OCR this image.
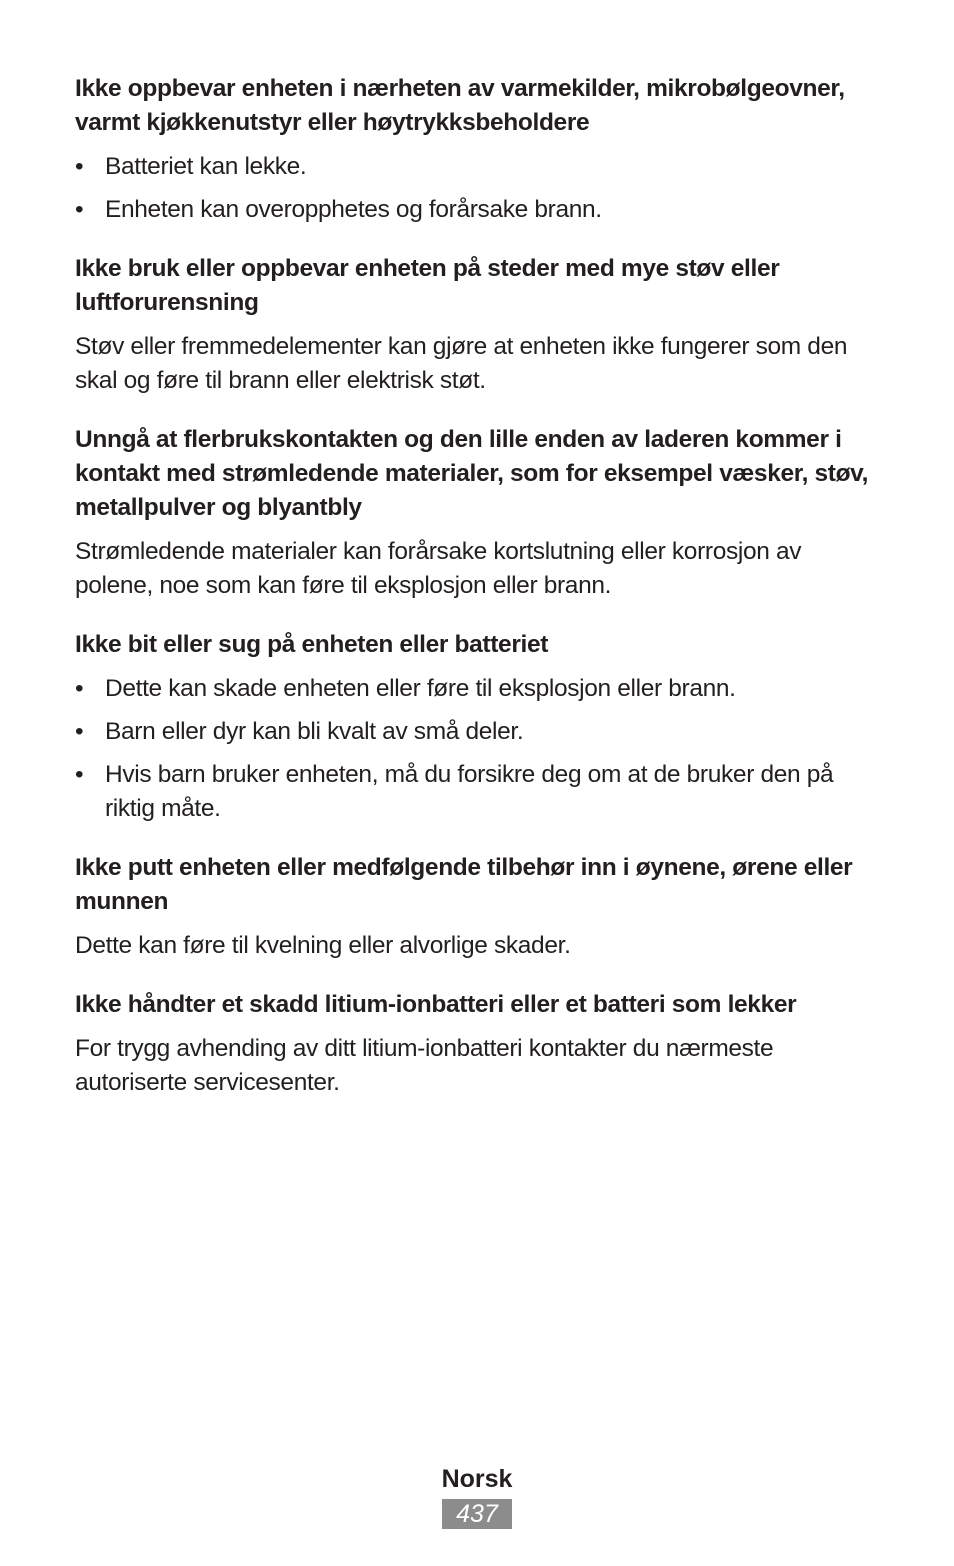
Ikke oppbevar enheten i nærheten av varmekilder, mikrobølgeovner, varmt kjøkkenutstyr eller høytrykksbeholdere

• Batteriet kan lekke.
• Enheten kan overopphetes og forårsake brann.

Ikke bruk eller oppbevar enheten på steder med mye støv eller luftforurensning

Støv eller fremmedelementer kan gjøre at enheten ikke fungerer som den skal og føre til brann eller elektrisk støt.

Unngå at flerbrukskontakten og den lille enden av laderen kommer i kontakt med strømledende materialer, som for eksempel væsker, støv, metallpulver og blyantbly

Strømledende materialer kan forårsake kortslutning eller korrosjon av polene, noe som kan føre til eksplosjon eller brann.

Ikke bit eller sug på enheten eller batteriet

• Dette kan skade enheten eller føre til eksplosjon eller brann.
• Barn eller dyr kan bli kvalt av små deler.
• Hvis barn bruker enheten, må du forsikre deg om at de bruker den på riktig måte.

Ikke putt enheten eller medfølgende tilbehør inn i øynene, ørene eller munnen

Dette kan føre til kvelning eller alvorlige skader.

Ikke håndter et skadd litium-ionbatteri eller et batteri som lekker

For trygg avhending av ditt litium-ionbatteri kontakter du nærmeste autoriserte servicesenter.

Norsk
437
